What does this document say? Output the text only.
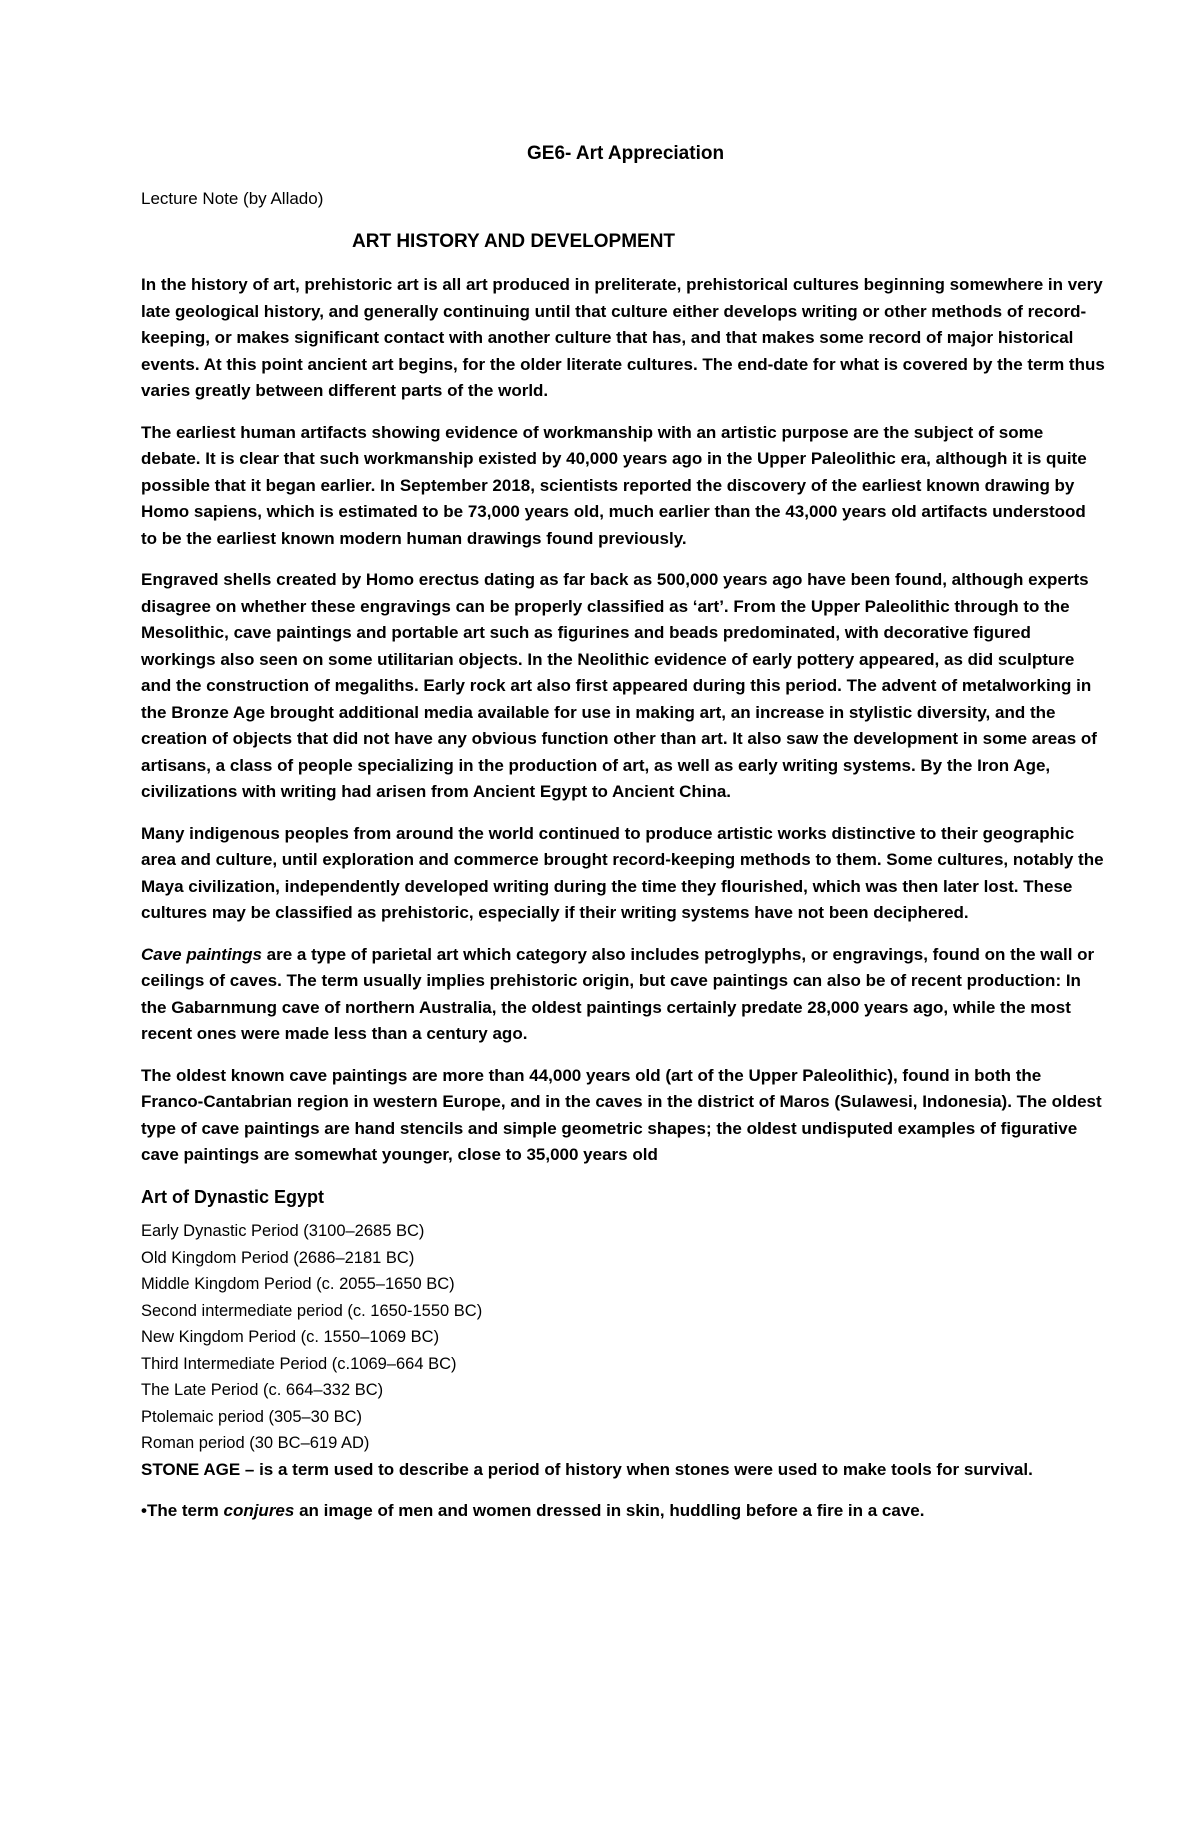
GE6- Art Appreciation

Lecture Note (by Allado)

ART HISTORY AND DEVELOPMENT

In the history of art, prehistoric art is all art produced in preliterate, prehistorical cultures beginning somewhere in very late geological history, and generally continuing until that culture either develops writing or other methods of record-keeping, or makes significant contact with another culture that has, and that makes some record of major historical events. At this point ancient art begins, for the older literate cultures. The end-date for what is covered by the term thus varies greatly between different parts of the world.

The earliest human artifacts showing evidence of workmanship with an artistic purpose are the subject of some debate. It is clear that such workmanship existed by 40,000 years ago in the Upper Paleolithic era, although it is quite possible that it began earlier. In September 2018, scientists reported the discovery of the earliest known drawing by Homo sapiens, which is estimated to be 73,000 years old, much earlier than the 43,000 years old artifacts understood to be the earliest known modern human drawings found previously.

Engraved shells created by Homo erectus dating as far back as 500,000 years ago have been found, although experts disagree on whether these engravings can be properly classified as ‘art’. From the Upper Paleolithic through to the Mesolithic, cave paintings and portable art such as figurines and beads predominated, with decorative figured workings also seen on some utilitarian objects. In the Neolithic evidence of early pottery appeared, as did sculpture and the construction of megaliths. Early rock art also first appeared during this period. The advent of metalworking in the Bronze Age brought additional media available for use in making art, an increase in stylistic diversity, and the creation of objects that did not have any obvious function other than art. It also saw the development in some areas of artisans, a class of people specializing in the production of art, as well as early writing systems. By the Iron Age, civilizations with writing had arisen from Ancient Egypt to Ancient China.

Many indigenous peoples from around the world continued to produce artistic works distinctive to their geographic area and culture, until exploration and commerce brought record-keeping methods to them. Some cultures, notably the Maya civilization, independently developed writing during the time they flourished, which was then later lost. These cultures may be classified as prehistoric, especially if their writing systems have not been deciphered.

Cave paintings are a type of parietal art which category also includes petroglyphs, or engravings, found on the wall or ceilings of caves. The term usually implies prehistoric origin, but cave paintings can also be of recent production: In the Gabarnmung cave of northern Australia, the oldest paintings certainly predate 28,000 years ago, while the most recent ones were made less than a century ago.

The oldest known cave paintings are more than 44,000 years old (art of the Upper Paleolithic), found in both the Franco-Cantabrian region in western Europe, and in the caves in the district of Maros (Sulawesi, Indonesia). The oldest type of cave paintings are hand stencils and simple geometric shapes; the oldest undisputed examples of figurative cave paintings are somewhat younger, close to 35,000 years old

Art of Dynastic Egypt

Early Dynastic Period (3100–2685 BC)
Old Kingdom Period (2686–2181 BC)
Middle Kingdom Period (c. 2055–1650 BC)
Second intermediate period (c. 1650-1550 BC)
New Kingdom Period (c. 1550–1069 BC)
Third Intermediate Period (c.1069–664 BC)
The Late Period (c. 664–332 BC)
Ptolemaic period (305–30 BC)
Roman period (30 BC–619 AD)

STONE AGE – is a term used to describe a period of history when stones were used to make tools for survival.

•The term conjures an image of men and women dressed in skin, huddling before a fire in a cave.
